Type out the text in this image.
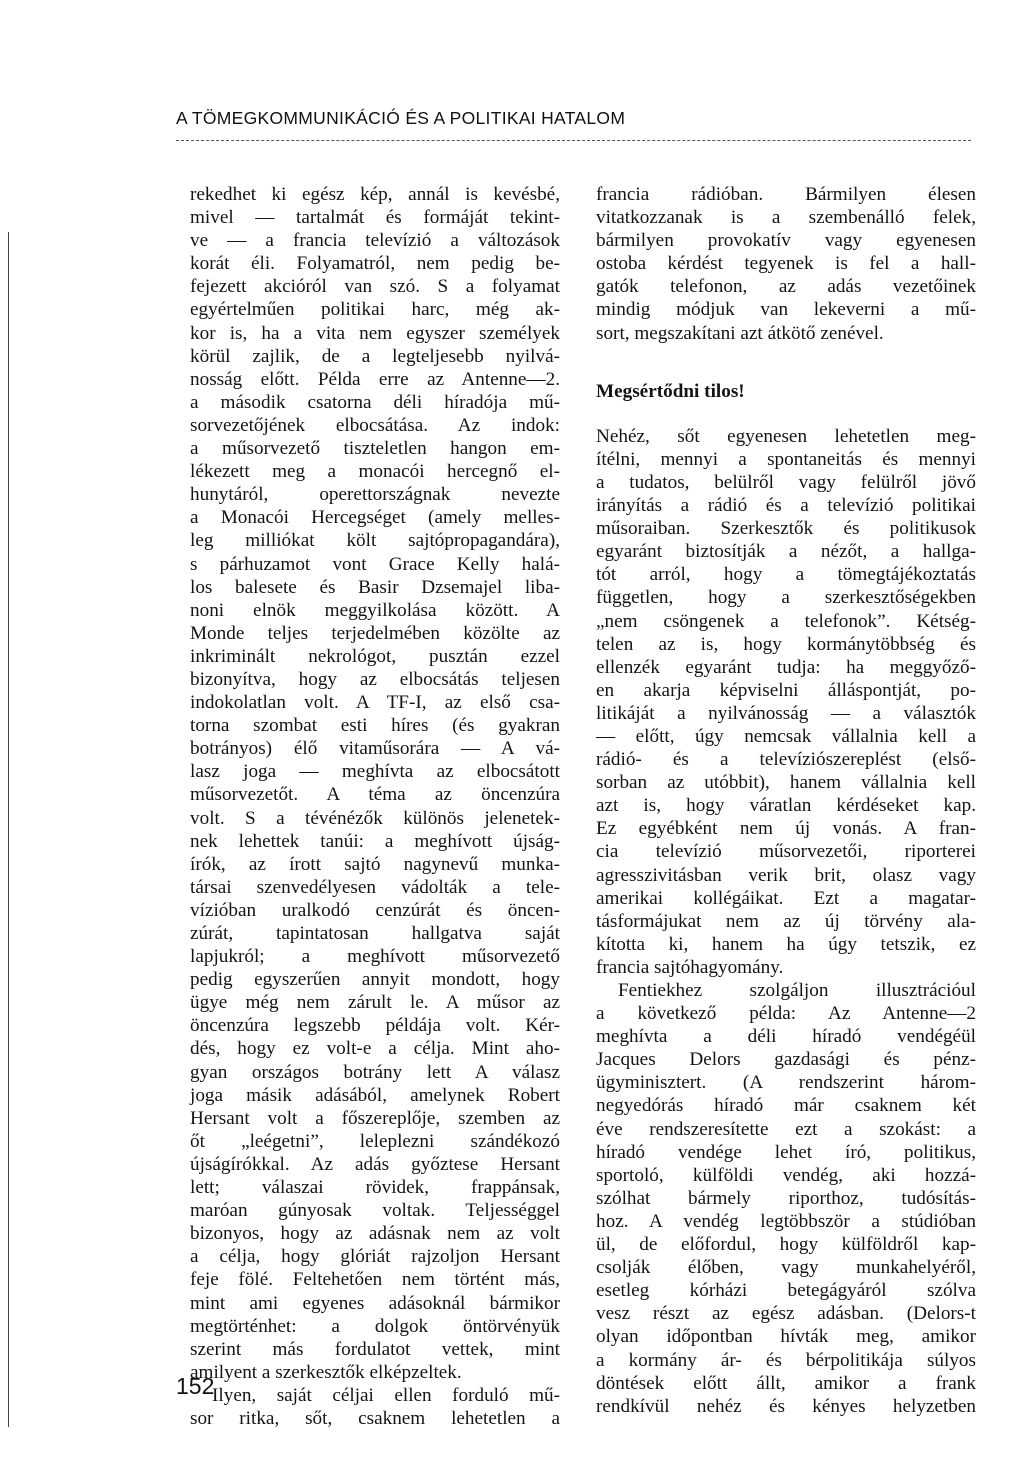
A TÖMEGKOMMUNIKÁCIÓ ÉS A POLITIKAI HATALOM
rekedhet ki egész kép, annál is kevésbé,
mivel — tartalmát és formáját tekint-
ve — a francia televízió a változások
korát éli. Folyamatról, nem pedig be-
fejezett akcióról van szó. S a folyamat
egyértelműen politikai harc, még ak-
kor is, ha a vita nem egyszer személyek
körül zajlik, de a legteljesebb nyilvá-
nosság előtt. Példa erre az Antenne—2.
a második csatorna déli híradója mű-
sorvezetőjének elbocsátása. Az indok:
a műsorvezető tiszteletlen hangon em-
lékezett meg a monacói hercegnő el-
hunytáról, operettországnak nevezte
a Monacói Hercegséget (amely melles-
leg milliókat költ sajtópropagandára),
s párhuzamot vont Grace Kelly halá-
los balesete és Basir Dzsemajel liba-
noni elnök meggyilkolása között. A
Monde teljes terjedelmében közölte az
inkriminált nekrológot, pusztán ezzel
bizonyítva, hogy az elbocsátás teljesen
indokolatlan volt. A TF-I, az első csa-
torna szombat esti híres (és gyakran
botrányos) élő vitaműsorára — A vá-
lasz joga — meghívta az elbocsátott
műsorvezetőt. A téma az öncenzúra
volt. S a tévénézők különös jelenetek-
nek lehettek tanúi: a meghívott újság-
írók, az írott sajtó nagynevű munka-
társai szenvedélyesen vádolták a tele-
vízióban uralkodó cenzúrát és öncen-
zúrát, tapintatosan hallgatva saját
lapjukról; a meghívott műsorvezető
pedig egyszerűen annyit mondott, hogy
ügye még nem zárult le. A műsor az
öncenzúra legszebb példája volt. Kér-
dés, hogy ez volt-e a célja. Mint aho-
gyan országos botrány lett A válasz
joga másik adásából, amelynek Robert
Hersant volt a főszereplője, szemben az
őt „leégetni”, leleplezni szándékozó
újságírókkal. Az adás győztese Hersant
lett; válaszai rövidek, frappánsak,
maróan gúnyosak voltak. Teljességgel
bizonyos, hogy az adásnak nem az volt
a célja, hogy glóriát rajzoljon Hersant
feje fölé. Feltehetően nem történt más,
mint ami egyenes adásoknál bármikor
megtörténhet: a dolgok öntörvényük
szerint más fordulatot vettek, mint
amilyent a szerkesztők elképzeltek.
Ilyen, saját céljai ellen forduló mű-
sor ritka, sőt, csaknem lehetetlen a
francia rádióban. Bármilyen élesen
vitatkozzanak is a szembenálló felek,
bármilyen provokatív vagy egyenesen
ostoba kérdést tegyenek is fel a hall-
gatók telefonon, az adás vezetőinek
mindig módjuk van lekeverni a mű-
sort, megszakítani azt átkötő zenével.
Megsértődni tilos!
Nehéz, sőt egyenesen lehetetlen meg-
ítélni, mennyi a spontaneitás és mennyi
a tudatos, belülről vagy felülről jövő
irányítás a rádió és a televízió politikai
műsoraiban. Szerkesztők és politikusok
egyaránt biztosítják a nézőt, a hallga-
tót arról, hogy a tömegtájékoztatás
független, hogy a szerkesztőségekben
„nem csöngenek a telefonok”. Kétség-
telen az is, hogy kormánytöbbség és
ellenzék egyaránt tudja: ha meggyőző-
en akarja képviselni álláspontját, po-
litikáját a nyilvánosság — a választók
— előtt, úgy nemcsak vállalnia kell a
rádió- és a televíziószereplést (első-
sorban az utóbbit), hanem vállalnia kell
azt is, hogy váratlan kérdéseket kap.
Ez egyébként nem új vonás. A fran-
cia televízió műsorvezetői, riporterei
agresszivitásban verik brit, olasz vagy
amerikai kollégáikat. Ezt a magatar-
tásformájukat nem az új törvény ala-
kította ki, hanem ha úgy tetszik, ez
francia sajtóhagyomány.
Fentiekhez szolgáljon illusztrációul
a következő példa: Az Antenne—2
meghívta a déli híradó vendégéül
Jacques Delors gazdasági és pénz-
ügyminisztert. (A rendszerint három-
negyedórás híradó már csaknem két
éve rendszeresítette ezt a szokást: a
híradó vendége lehet író, politikus,
sportoló, külföldi vendég, aki hozzá-
szólhat bármely riporthoz, tudósítás-
hoz. A vendég legtöbbször a stúdióban
ül, de előfordul, hogy külföldről kap-
csolják élőben, vagy munkahelyéről,
esetleg kórházi betegágyáról szólva
vesz részt az egész adásban. (Delors-t
olyan időpontban hívták meg, amikor
a kormány ár- és bérpolitikája súlyos
döntések előtt állt, amikor a frank
rendkívül nehéz és kényes helyzetben
152
